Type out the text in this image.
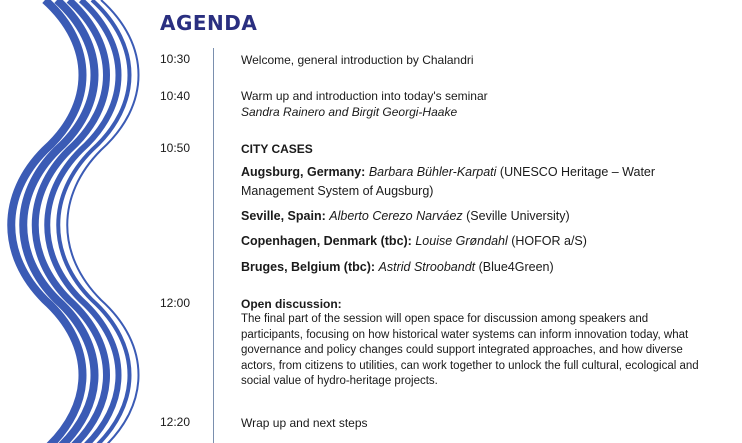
AGENDA
10:30	Welcome, general introduction by Chalandri
10:40	Warm up and introduction into today's seminar
Sandra Rainero and Birgit Georgi-Haake
10:50	CITY CASES
Augsburg, Germany: Barbara Bühler-Karpati (UNESCO Heritage – Water
Management System of Augsburg)
Seville, Spain: Alberto Cerezo Narváez (Seville University)
Copenhagen, Denmark (tbc): Louise Grøndahl (HOFOR a/S)
Bruges, Belgium (tbc): Astrid Stroobandt (Blue4Green)
12:00	Open discussion:
The final part of the session will open space for discussion among speakers and participants, focusing on how historical water systems can inform innovation today, what governance and policy changes could support integrated approaches, and how diverse actors, from citizens to utilities, can work together to unlock the full cultural, ecological and social value of hydro-heritage projects.
12:20	Wrap up and next steps
